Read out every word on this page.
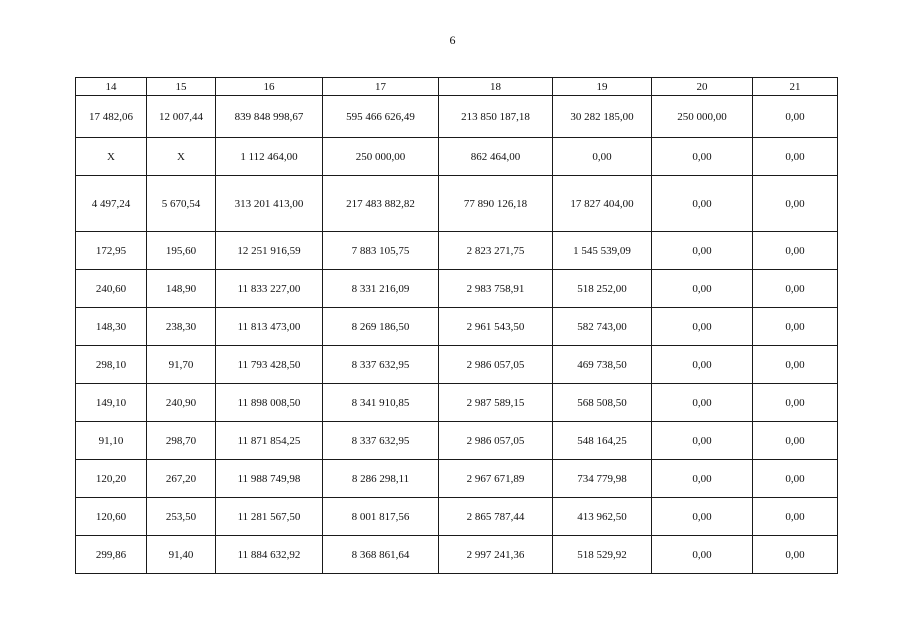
6
14	15	16	17	18	19	20	21
17 482,06	12 007,44	839 848 998,67	595 466 626,49	213 850 187,18	30 282 185,00	250 000,00	0,00
X	X	1 112 464,00	250 000,00	862 464,00	0,00	0,00	0,00
4 497,24	5 670,54	313 201 413,00	217 483 882,82	77 890 126,18	17 827 404,00	0,00	0,00
172,95	195,60	12 251 916,59	7 883 105,75	2 823 271,75	1 545 539,09	0,00	0,00
240,60	148,90	11 833 227,00	8 331 216,09	2 983 758,91	518 252,00	0,00	0,00
148,30	238,30	11 813 473,00	8 269 186,50	2 961 543,50	582 743,00	0,00	0,00
298,10	91,70	11 793 428,50	8 337 632,95	2 986 057,05	469 738,50	0,00	0,00
149,10	240,90	11 898 008,50	8 341 910,85	2 987 589,15	568 508,50	0,00	0,00
91,10	298,70	11 871 854,25	8 337 632,95	2 986 057,05	548 164,25	0,00	0,00
120,20	267,20	11 988 749,98	8 286 298,11	2 967 671,89	734 779,98	0,00	0,00
120,60	253,50	11 281 567,50	8 001 817,56	2 865 787,44	413 962,50	0,00	0,00
299,86	91,40	11 884 632,92	8 368 861,64	2 997 241,36	518 529,92	0,00	0,00
